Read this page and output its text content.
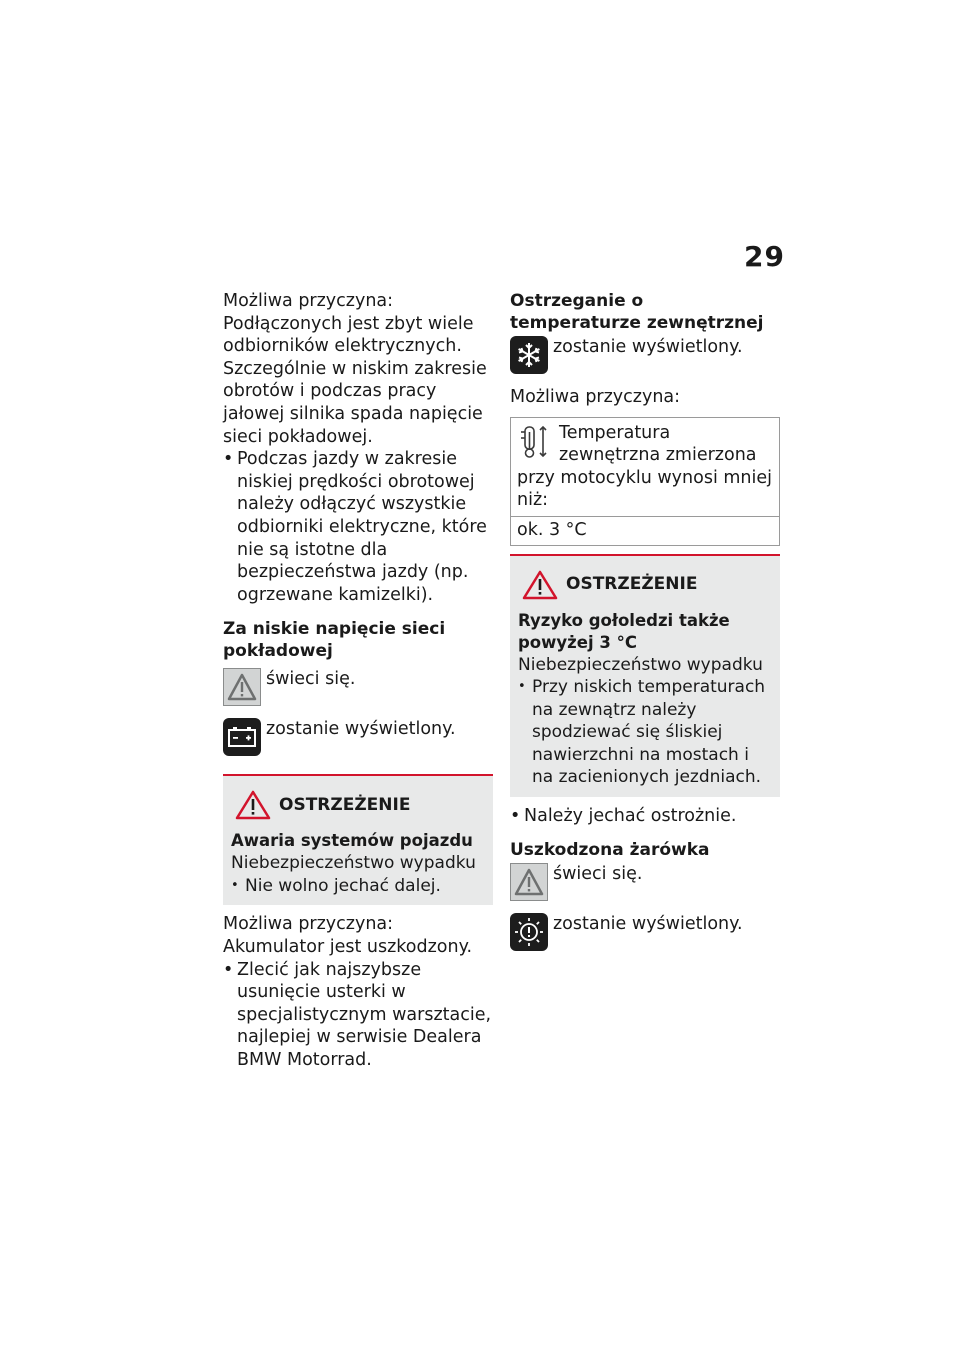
29

Możliwa przyczyna:

Podłączonych jest zbyt wiele odbiorników elektrycznych. Szczególnie w niskim zakresie obrotów i podczas pracy jałowej silnika spada napięcie sieci pokładowej.

• Podczas jazdy w zakresie niskiej prędkości obrotowej należy odłączyć wszystkie odbiorniki elektryczne, które nie są istotne dla bezpieczeństwa jazdy (np. ogrzewane kamizelki).

Za niskie napięcie sieci pokładowej

świeci się.
zostanie wyświetlony.
OSTRZEŻENIE
Awaria systemów pojazdu
Niebezpieczeństwo wypadku
• Nie wolno jechać dalej.

Możliwa przyczyna:

Akumulator jest uszkodzony.

• Zlecić jak najszybsze usunięcie usterki w specjalistycznym warsztacie, najlepiej w serwisie Dealera BMW Motorrad.

Ostrzeganie o temperaturze zewnętrznej

zostanie wyświetlony.

Możliwa przyczyna:

Temperatura zewnętrzna zmierzona przy motocyklu wynosi mniej niż:
ok. 3 °C
OSTRZEŻENIE
Ryzyko gołoledzi także powyżej 3 °C
Niebezpieczeństwo wypadku
• Przy niskich temperaturach na zewnątrz należy spodziewać się śliskiej nawierzchni na mostach i na zacienionych jezdniach.

• Należy jechać ostrożnie.

Uszkodzona żarówka

świeci się.
zostanie wyświetlony.
